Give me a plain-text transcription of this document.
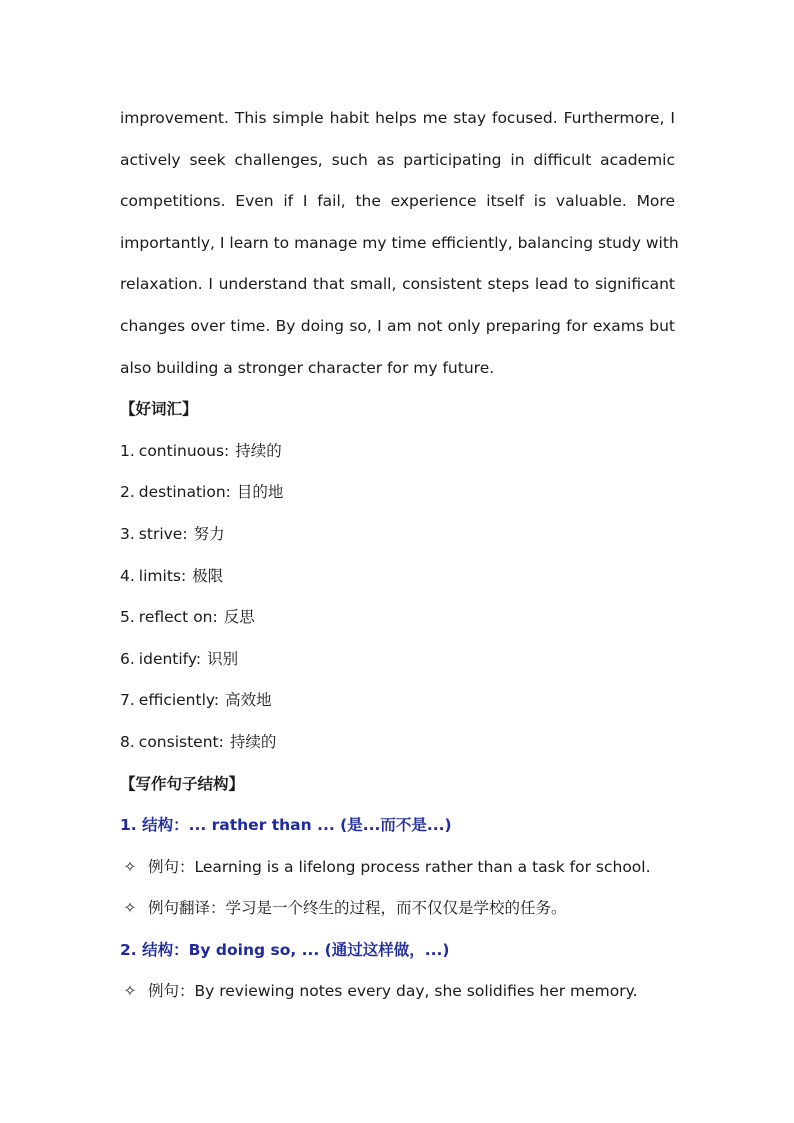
improvement. This simple habit helps me stay focused. Furthermore, I
actively seek challenges, such as participating in difficult academic
competitions. Even if I fail, the experience itself is valuable. More
importantly, I learn to manage my time efficiently, balancing study with
relaxation. I understand that small, consistent steps lead to significant
changes over time. By doing so, I am not only preparing for exams but
also building a stronger character for my future.

【好词汇】
1. continuous: 持续的
2. destination: 目的地
3. strive: 努力
4. limits: 极限
5. reflect on: 反思
6. identify: 识别
7. efficiently: 高效地
8. consistent: 持续的
【写作句子结构】
1. 结构：... rather than ... (是...而不是...)
✧ 例句：Learning is a lifelong process rather than a task for school.
✧ 例句翻译：学习是一个终生的过程，而不仅仅是学校的任务。
2. 结构：By doing so, ... (通过这样做，...)
✧ 例句：By reviewing notes every day, she solidifies her memory.
